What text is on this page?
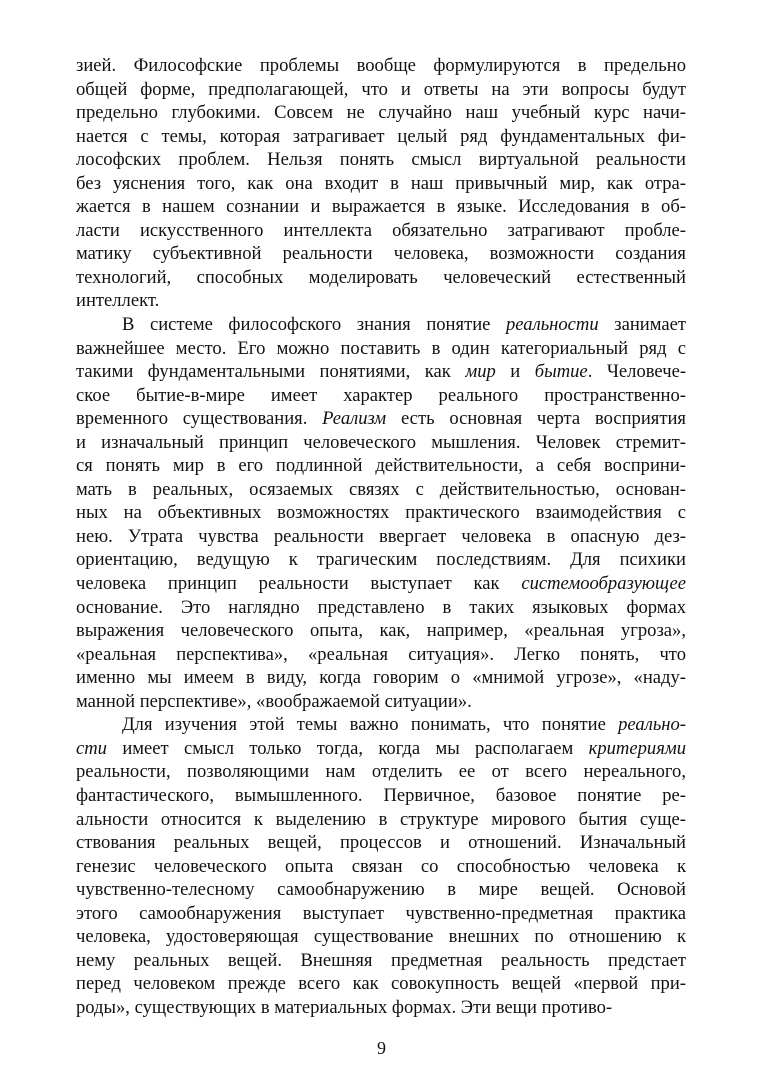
зией. Философские проблемы вообще формулируются в предельно
общей форме, предполагающей, что и ответы на эти вопросы будут
предельно глубокими. Совсем не случайно наш учебный курс начи-
нается с темы, которая затрагивает целый ряд фундаментальных фи-
лософских проблем. Нельзя понять смысл виртуальной реальности
без уяснения того, как она входит в наш привычный мир, как отра-
жается в нашем сознании и выражается в языке. Исследования в об-
ласти искусственного интеллекта обязательно затрагивают пробле-
матику субъективной реальности человека, возможности создания
технологий, способных моделировать человеческий естественный
интеллект.
В системе философского знания понятие реальности занимает
важнейшее место. Его можно поставить в один категориальный ряд с
такими фундаментальными понятиями, как мир и бытие. Человече-
ское бытие-в-мире имеет характер реального пространственно-
временного существования. Реализм есть основная черта восприятия
и изначальный принцип человеческого мышления. Человек стремит-
ся понять мир в его подлинной действительности, а себя восприни-
мать в реальных, осязаемых связях с действительностью, основан-
ных на объективных возможностях практического взаимодействия с
нею. Утрата чувства реальности ввергает человека в опасную дез-
ориентацию, ведущую к трагическим последствиям. Для психики
человека принцип реальности выступает как системообразующее
основание. Это наглядно представлено в таких языковых формах
выражения человеческого опыта, как, например, «реальная угроза»,
«реальная перспектива», «реальная ситуация». Легко понять, что
именно мы имеем в виду, когда говорим о «мнимой угрозе», «наду-
манной перспективе», «воображаемой ситуации».
Для изучения этой темы важно понимать, что понятие реально-
сти имеет смысл только тогда, когда мы располагаем критериями
реальности, позволяющими нам отделить ее от всего нереального,
фантастического, вымышленного. Первичное, базовое понятие ре-
альности относится к выделению в структуре мирового бытия суще-
ствования реальных вещей, процессов и отношений. Изначальный
генезис человеческого опыта связан со способностью человека к
чувственно-телесному самообнаружению в мире вещей. Основой
этого самообнаружения выступает чувственно-предметная практика
человека, удостоверяющая существование внешних по отношению к
нему реальных вещей. Внешняя предметная реальность предстает
перед человеком прежде всего как совокупность вещей «первой при-
роды», существующих в материальных формах. Эти вещи противо-
9
